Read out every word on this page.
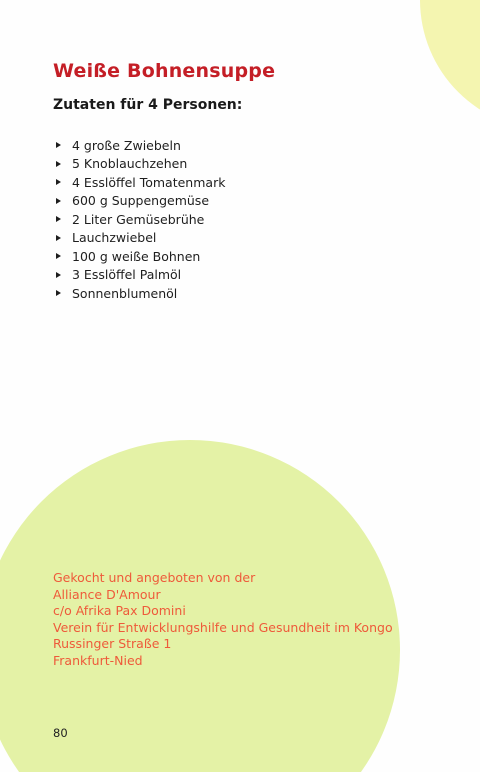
Weiße Bohnensuppe
Zutaten für 4 Personen:
4 große Zwiebeln
5 Knoblauchzehen
4 Esslöffel Tomatenmark
600 g Suppengemüse
2 Liter Gemüsebrühe
Lauchzwiebel
100 g weiße Bohnen
3 Esslöffel Palmöl
Sonnenblumenöl
Gekocht und angeboten von der
Alliance D'Amour
c/o Afrika Pax Domini
Verein für Entwicklungshilfe und Gesundheit im Kongo
Russinger Straße 1
Frankfurt-Nied
80
